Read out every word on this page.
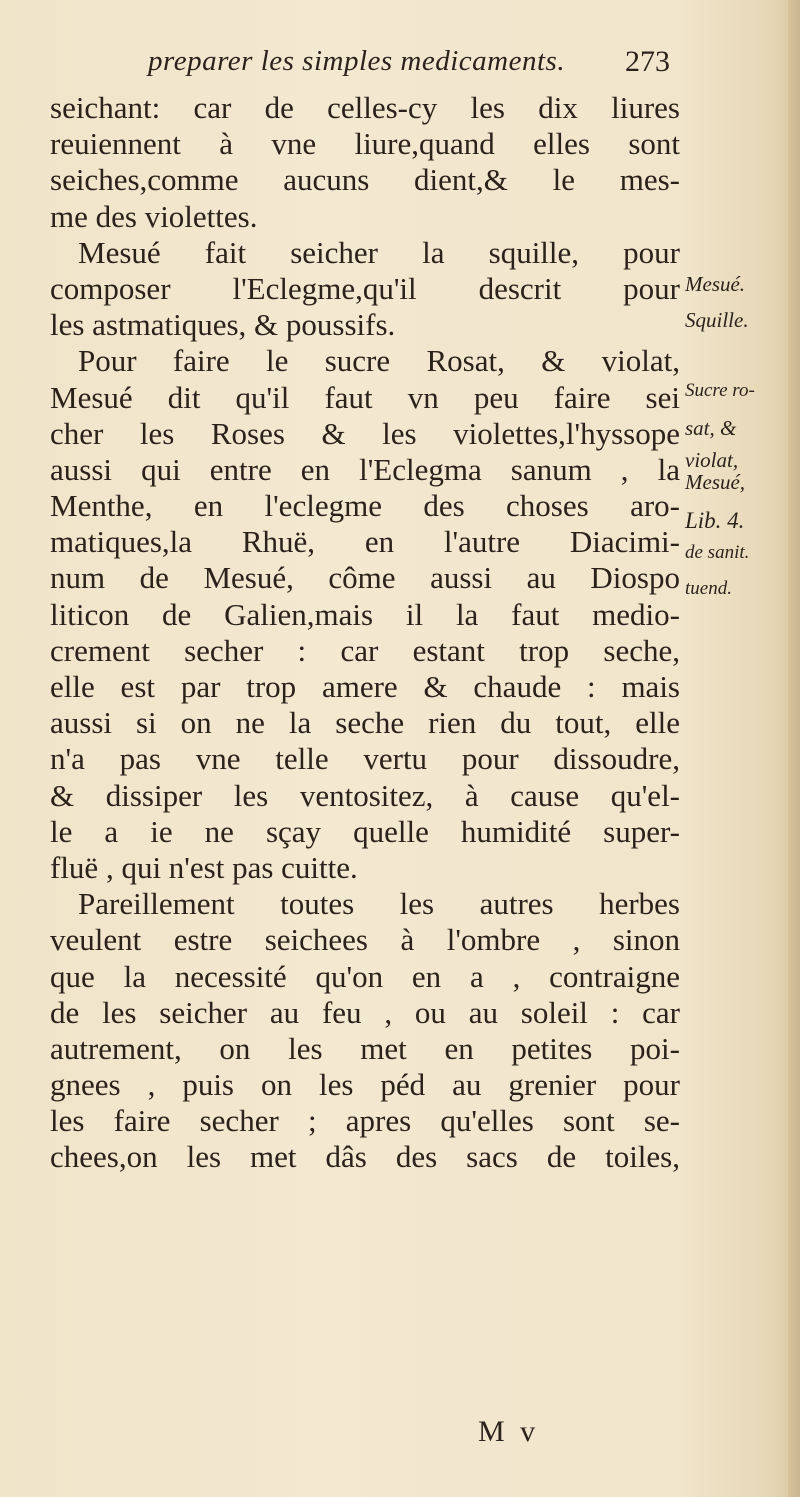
preparer les simples medicaments. 273
seichant: car de celles-cy les dix liures
reuiennent à vne liure,quand elles sont
seiches,comme aucuns dient,& le mes-
me des violettes.
Mesué fait seicher la squille, pour
composer l'Eclegme,qu'il descrit pour
les astmatiques, & poussifs.
Pour faire le sucre Rosat, & violat,
Mesué dit qu'il faut vn peu faire sei
cher les Roses & les violettes,l'hyssope
aussi qui entre en l'Eclegma sanum , la
Menthe, en l'eclegme des choses aro-
matiques,la Rhuë, en l'autre Diacimi-
num de Mesué, côme aussi au Diospo
liticon de Galien,mais il la faut medio-
crement secher : car estant trop seche,
elle est par trop amere & chaude : mais
aussi si on ne la seche rien du tout, elle
n'a pas vne telle vertu pour dissoudre,
& dissiper les ventositez, à cause qu'el-
le a ie ne sçay quelle humidité super-
fluë , qui n'est pas cuitte.
Pareillement toutes les autres herbes
veulent estre seichees à l'ombre , sinon
que la necessité qu'on en a , contraigne
de les seicher au feu , ou au soleil : car
autrement, on les met en petites poi-
gnees , puis on les péd au grenier pour
les faire secher ; apres qu'elles sont se-
chees,on les met dâs des sacs de toiles,
Mesué.
Squille.
Sucre ro-
sat, &
violat,
Mesué,
Lib. 4.
de sanit.
tuend.
M v
